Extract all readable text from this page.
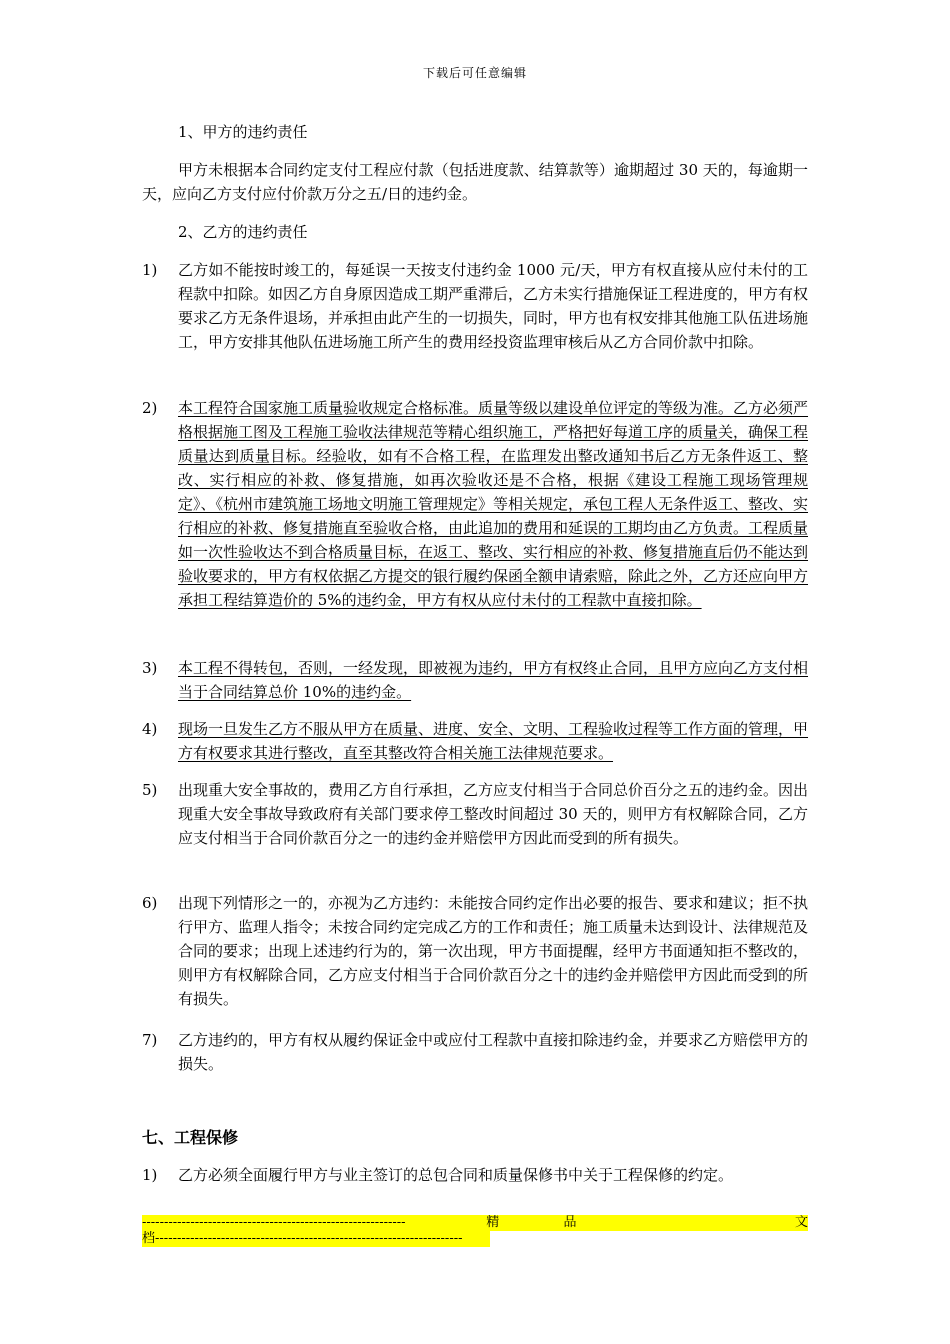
下载后可任意编辑
1、甲方的违约责任
甲方未根据本合同约定支付工程应付款（包括进度款、结算款等）逾期超过 30 天的，每逾期一天，应向乙方支付应付价款万分之五/日的违约金。
2、乙方的违约责任
1) 乙方如不能按时竣工的，每延误一天按支付违约金 1000 元/天，甲方有权直接从应付未付的工程款中扣除。如因乙方自身原因造成工期严重滞后，乙方未实行措施保证工程进度的，甲方有权要求乙方无条件退场，并承担由此产生的一切损失，同时，甲方也有权安排其他施工队伍进场施工，甲方安排其他队伍进场施工所产生的费用经投资监理审核后从乙方合同价款中扣除。
2) 本工程符合国家施工质量验收规定合格标准。质量等级以建设单位评定的等级为准。乙方必须严格根据施工图及工程施工验收法律规范等精心组织施工，严格把好每道工序的质量关，确保工程质量达到质量目标。经验收，如有不合格工程，在监理发出整改通知书后乙方无条件返工、整改、实行相应的补救、修复措施，如再次验收还是不合格，根据《建设工程施工现场管理规定》、《杭州市建筑施工场地文明施工管理规定》等相关规定，承包工程人无条件返工、整改、实行相应的补救、修复措施直至验收合格，由此追加的费用和延误的工期均由乙方负责。工程质量如一次性验收达不到合格质量目标，在返工、整改、实行相应的补救、修复措施直后仍不能达到验收要求的，甲方有权依据乙方提交的银行履约保函全额申请索赔，除此之外，乙方还应向甲方承担工程结算造价的 5%的违约金，甲方有权从应付未付的工程款中直接扣除。
3) 本工程不得转包，否则，一经发现，即被视为违约，甲方有权终止合同，且甲方应向乙方支付相当于合同结算总价 10%的违约金。
4) 现场一旦发生乙方不服从甲方在质量、进度、安全、文明、工程验收过程等工作方面的管理，甲方有权要求其进行整改，直至其整改符合相关施工法律规范要求。
5) 出现重大安全事故的，费用乙方自行承担，乙方应支付相当于合同总价百分之五的违约金。因出现重大安全事故导致政府有关部门要求停工整改时间超过 30 天的，则甲方有权解除合同，乙方应支付相当于合同价款百分之一的违约金并赔偿甲方因此而受到的所有损失。
6) 出现下列情形之一的，亦视为乙方违约：未能按合同约定作出必要的报告、要求和建议；拒不执行甲方、监理人指令；未按合同约定完成乙方的工作和责任；施工质量未达到设计、法律规范及合同的要求；出现上述违约行为的，第一次出现，甲方书面提醒，经甲方书面通知拒不整改的，则甲方有权解除合同，乙方应支付相当于合同价款百分之十的违约金并赔偿甲方因此而受到的所有损失。
7) 乙方违约的，甲方有权从履约保证金中或应付工程款中直接扣除违约金，并要求乙方赔偿甲方的损失。
七、工程保修
1) 乙方必须全面履行甲方与业主签订的总包合同和质量保修书中关于工程保修的约定。
------------------------------------------------------------	精	品	文
档----------------------------------------------------------------------
